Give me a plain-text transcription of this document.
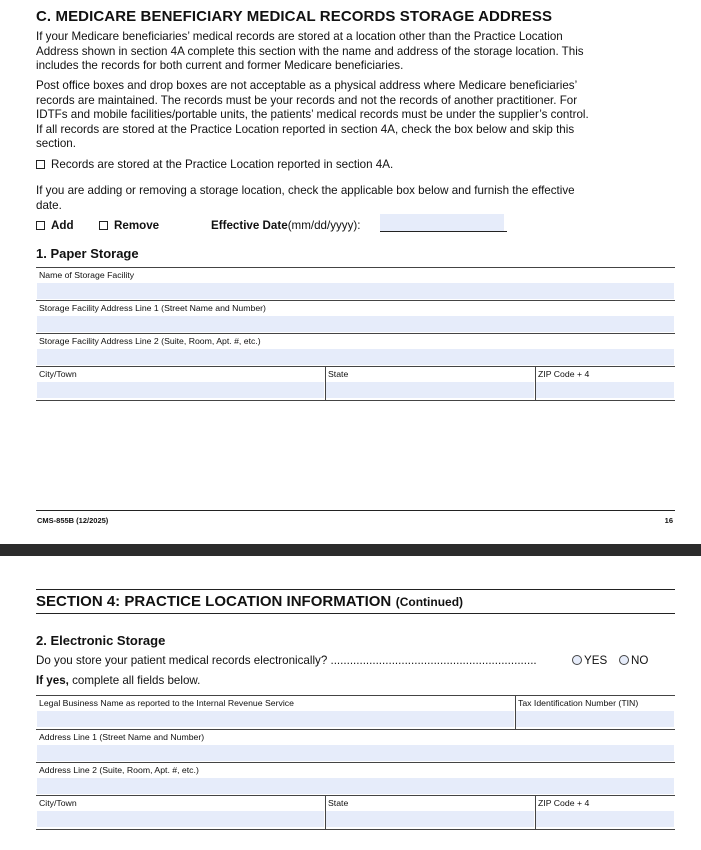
C. MEDICARE BENEFICIARY MEDICAL RECORDS STORAGE ADDRESS
If your Medicare beneficiaries’ medical records are stored at a location other than the Practice Location
Address shown in section 4A complete this section with the name and address of the storage location. This
includes the records for both current and former Medicare beneficiaries.
Post office boxes and drop boxes are not acceptable as a physical address where Medicare beneficiaries’
records are maintained. The records must be your records and not the records of another practitioner. For
IDTFs and mobile facilities/portable units, the patients’ medical records must be under the supplier’s control.
If all records are stored at the Practice Location reported in section 4A, check the box below and skip this
section.
Records are stored at the Practice Location reported in section 4A.
If you are adding or removing a storage location, check the applicable box below and furnish the effective
date.
Add	Remove	Effective Date (mm/dd/yyyy):
1. Paper Storage
Name of Storage Facility
Storage Facility Address Line 1 (Street Name and Number)
Storage Facility Address Line 2 (Suite, Room, Apt. #, etc.)
City/Town	State	ZIP Code + 4
CMS-855B (12/2025)	16
SECTION 4: PRACTICE LOCATION INFORMATION (Continued)
2. Electronic Storage
Do you store your patient medical records electronically? ................................................................	YES	NO
If yes, complete all fields below.
Legal Business Name as reported to the Internal Revenue Service	Tax Identification Number (TIN)
Address Line 1 (Street Name and Number)
Address Line 2 (Suite, Room, Apt. #, etc.)
City/Town	State	ZIP Code + 4
